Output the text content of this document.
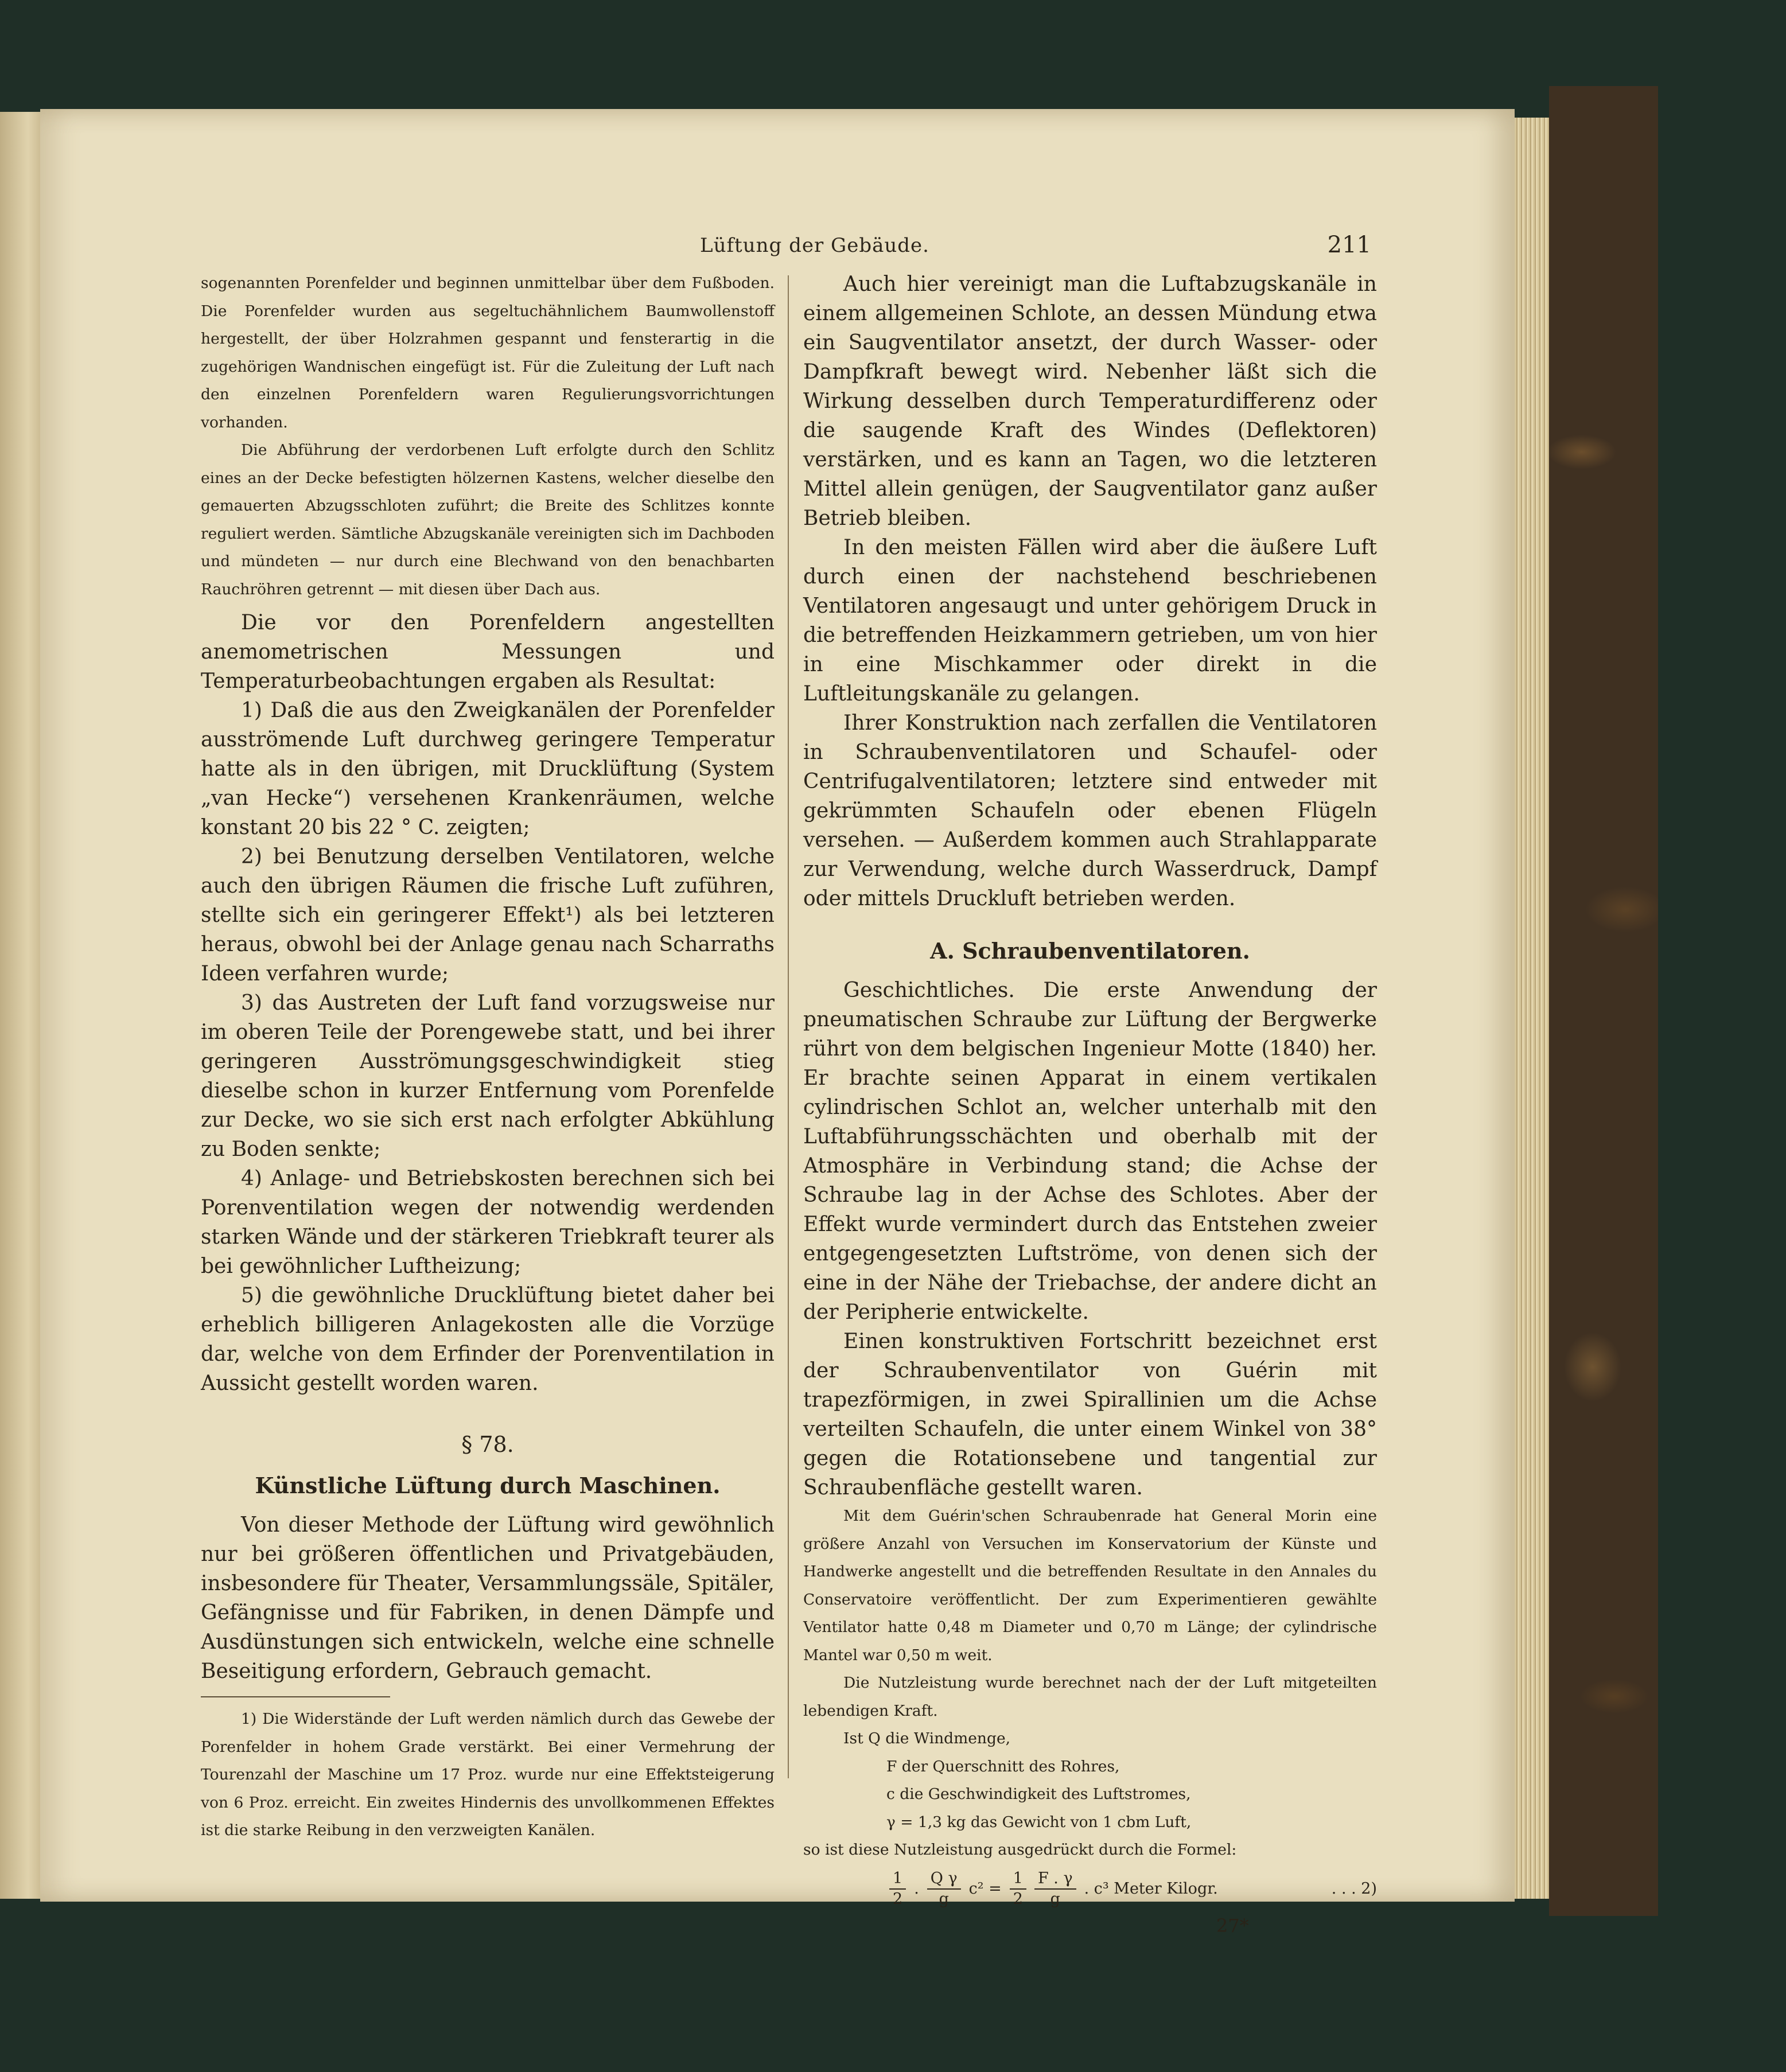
Lüftung der Gebäude.	211

sogenannten Porenfelder und beginnen unmittelbar über dem Fußboden. Die Porenfelder wurden aus segeltuchähnlichem Baumwollenstoff hergestellt, der über Holzrahmen gespannt und fensterartig in die zugehörigen Wandnischen eingefügt ist. Für die Zuleitung der Luft nach den einzelnen Porenfeldern waren Regulierungsvorrichtungen vorhanden.

Die Abführung der verdorbenen Luft erfolgte durch den Schlitz eines an der Decke befestigten hölzernen Kastens, welcher dieselbe den gemauerten Abzugsschloten zuführt; die Breite des Schlitzes konnte reguliert werden. Sämtliche Abzugskanäle vereinigten sich im Dachboden und mündeten — nur durch eine Blechwand von den benachbarten Rauchröhren getrennt — mit diesen über Dach aus.

Die vor den Porenfeldern angestellten anemometrischen Messungen und Temperaturbeobachtungen ergaben als Resultat:

1) Daß die aus den Zweigkanälen der Porenfelder ausströmende Luft durchweg geringere Temperatur hatte als in den übrigen, mit Drucklüftung (System „van Hecke“) versehenen Krankenräumen, welche konstant 20 bis 22 ° C. zeigten;

2) bei Benutzung derselben Ventilatoren, welche auch den übrigen Räumen die frische Luft zuführen, stellte sich ein geringerer Effekt¹) als bei letzteren heraus, obwohl bei der Anlage genau nach Scharraths Ideen verfahren wurde;

3) das Austreten der Luft fand vorzugsweise nur im oberen Teile der Porengewebe statt, und bei ihrer geringeren Ausströmungsgeschwindigkeit stieg dieselbe schon in kurzer Entfernung vom Porenfelde zur Decke, wo sie sich erst nach erfolgter Abkühlung zu Boden senkte;

4) Anlage- und Betriebskosten berechnen sich bei Porenventilation wegen der notwendig werdenden starken Wände und der stärkeren Triebkraft teurer als bei gewöhnlicher Luftheizung;

5) die gewöhnliche Drucklüftung bietet daher bei erheblich billigeren Anlagekosten alle die Vorzüge dar, welche von dem Erfinder der Porenventilation in Aussicht gestellt worden waren.

§ 78.

Künstliche Lüftung durch Maschinen.

Von dieser Methode der Lüftung wird gewöhnlich nur bei größeren öffentlichen und Privatgebäuden, insbesondere für Theater, Versammlungssäle, Spitäler, Gefängnisse und für Fabriken, in denen Dämpfe und Ausdünstungen sich entwickeln, welche eine schnelle Beseitigung erfordern, Gebrauch gemacht.

1) Die Widerstände der Luft werden nämlich durch das Gewebe der Porenfelder in hohem Grade verstärkt. Bei einer Vermehrung der Tourenzahl der Maschine um 17 Proz. wurde nur eine Effektsteigerung von 6 Proz. erreicht. Ein zweites Hindernis des unvollkommenen Effektes ist die starke Reibung in den verzweigten Kanälen.

Auch hier vereinigt man die Luftabzugskanäle in einem allgemeinen Schlote, an dessen Mündung etwa ein Saugventilator ansetzt, der durch Wasser- oder Dampfkraft bewegt wird. Nebenher läßt sich die Wirkung desselben durch Temperaturdifferenz oder die saugende Kraft des Windes (Deflektoren) verstärken, und es kann an Tagen, wo die letzteren Mittel allein genügen, der Saugventilator ganz außer Betrieb bleiben.

In den meisten Fällen wird aber die äußere Luft durch einen der nachstehend beschriebenen Ventilatoren angesaugt und unter gehörigem Druck in die betreffenden Heizkammern getrieben, um von hier in eine Mischkammer oder direkt in die Luftleitungskanäle zu gelangen.

Ihrer Konstruktion nach zerfallen die Ventilatoren in Schraubenventilatoren und Schaufel- oder Centrifugalventilatoren; letztere sind entweder mit gekrümmten Schaufeln oder ebenen Flügeln versehen. — Außerdem kommen auch Strahlapparate zur Verwendung, welche durch Wasserdruck, Dampf oder mittels Druckluft betrieben werden.

A. Schraubenventilatoren.

Geschichtliches. Die erste Anwendung der pneumatischen Schraube zur Lüftung der Bergwerke rührt von dem belgischen Ingenieur Motte (1840) her. Er brachte seinen Apparat in einem vertikalen cylindrischen Schlot an, welcher unterhalb mit den Luftabführungsschächten und oberhalb mit der Atmosphäre in Verbindung stand; die Achse der Schraube lag in der Achse des Schlotes. Aber der Effekt wurde vermindert durch das Entstehen zweier entgegengesetzten Luftströme, von denen sich der eine in der Nähe der Triebachse, der andere dicht an der Peripherie entwickelte.

Einen konstruktiven Fortschritt bezeichnet erst der Schraubenventilator von Guérin mit trapezförmigen, in zwei Spirallinien um die Achse verteilten Schaufeln, die unter einem Winkel von 38° gegen die Rotationsebene und tangential zur Schraubenfläche gestellt waren.

Mit dem Guérin'schen Schraubenrade hat General Morin eine größere Anzahl von Versuchen im Konservatorium der Künste und Handwerke angestellt und die betreffenden Resultate in den Annales du Conservatoire veröffentlicht. Der zum Experimentieren gewählte Ventilator hatte 0,48 m Diameter und 0,70 m Länge; der cylindrische Mantel war 0,50 m weit.

Die Nutzleistung wurde berechnet nach der der Luft mitgeteilten lebendigen Kraft.

Ist Q die Windmenge,

F der Querschnitt des Rohres,

c die Geschwindigkeit des Luftstromes,

γ = 1,3 kg das Gewicht von 1 cbm Luft,

so ist diese Nutzleistung ausgedrückt durch die Formel:

$\frac{1}{2}$ . $\frac{\text{Q γ}}{g} c^2 = \frac{1}{2} \frac{F . \gamma}{g}$ . c³ Meter Kilogr.	. . . 2)

27*
